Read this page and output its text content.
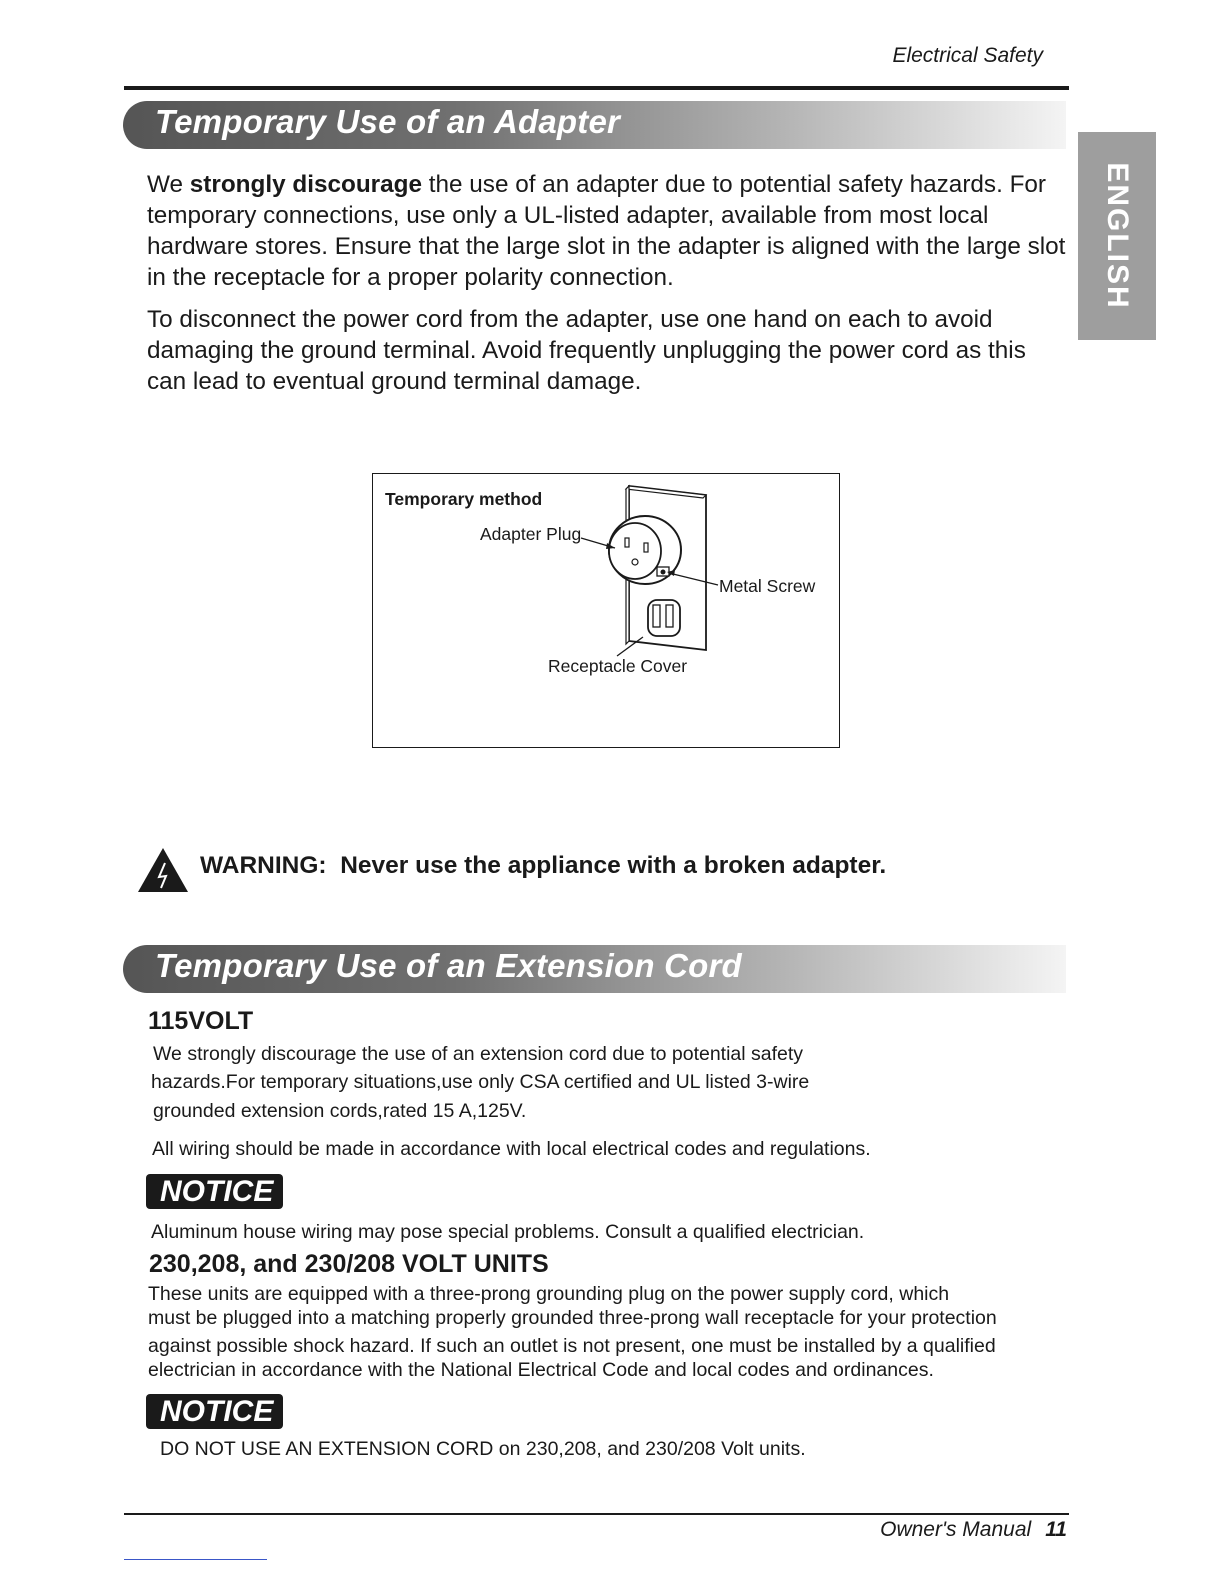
Electrical Safety
ENGLISH
Temporary Use of an Adapter
We strongly discourage the use of an adapter due to potential safety hazards. For temporary connections, use only a UL-listed adapter, available from most local hardware stores. Ensure that the large slot in the adapter is aligned with the large slot in the receptacle for a proper polarity connection.
To disconnect the power cord from the adapter, use one hand on each to avoid damaging the ground terminal. Avoid frequently unplugging the power cord as this can lead to eventual ground terminal damage.
Temporary method
Adapter Plug
Metal Screw
Receptacle Cover
WARNING: Never use the appliance with a broken adapter.
Temporary Use of an Extension Cord
115VOLT
We strongly discourage the use of an extension cord due to potential safety
hazards.For temporary situations,use only CSA certified and UL listed 3-wire
grounded extension cords,rated 15 A,125V.
All wiring should be made in accordance with local electrical codes and regulations.
NOTICE
Aluminum house wiring may pose special problems. Consult a qualified electrician.
230,208, and 230/208 VOLT UNITS
These units are equipped with a three-prong grounding plug on the power supply cord, which
must be plugged into a matching properly grounded three-prong wall receptacle for your protection
against possible shock hazard. If such an outlet is not present, one must be installed by a qualified
electrician in accordance with the National Electrical Code and local codes and ordinances.
NOTICE
DO NOT USE AN EXTENSION CORD on 230,208, and 230/208 Volt units.
Owner's Manual 11
